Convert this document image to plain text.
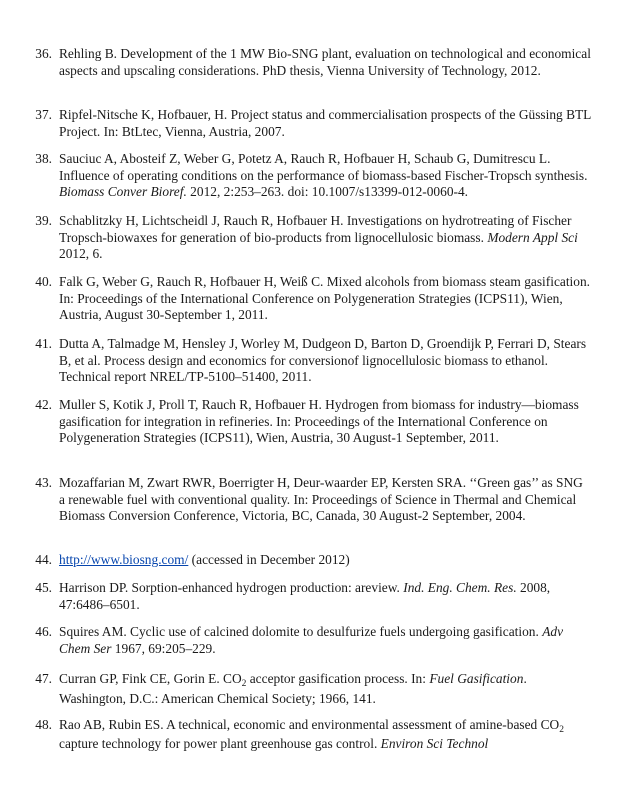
36. Rehling B. Development of the 1 MW Bio-SNG plant, evaluation on technological and economical aspects and upscaling considerations. PhD thesis, Vienna University of Technology, 2012.
37. Ripfel-Nitsche K, Hofbauer, H. Project status and commercialisation prospects of the Güssing BTL Project. In: BtLtec, Vienna, Austria, 2007.
38. Sauciuc A, Abosteif Z, Weber G, Potetz A, Rauch R, Hofbauer H, Schaub G, Dumitrescu L. Influence of operating conditions on the performance of biomass-based Fischer-Tropsch synthesis. Biomass Conver Bioref. 2012, 2:253–263. doi: 10.1007/s13399-012-0060-4.
39. Schablitzky H, Lichtscheidl J, Rauch R, Hofbauer H. Investigations on hydrotreating of Fischer Tropsch-biowaxes for generation of bio-products from lignocellulosic biomass. Modern Appl Sci 2012, 6.
40. Falk G, Weber G, Rauch R, Hofbauer H, Weiß C. Mixed alcohols from biomass steam gasification. In: Proceedings of the International Conference on Polygeneration Strategies (ICPS11), Wien, Austria, August 30-September 1, 2011.
41. Dutta A, Talmadge M, Hensley J, Worley M, Dudgeon D, Barton D, Groendijk P, Ferrari D, Stears B, et al. Process design and economics for conversionof lignocellulosic biomass to ethanol. Technical report NREL/TP-5100–51400, 2011.
42. Muller S, Kotik J, Proll T, Rauch R, Hofbauer H. Hydrogen from biomass for industry—biomass gasification for integration in refineries. In: Proceedings of the International Conference on Polygeneration Strategies (ICPS11), Wien, Austria, 30 August-1 September, 2011.
43. Mozaffarian M, Zwart RWR, Boerrigter H, Deur-waarder EP, Kersten SRA. ‘‘Green gas’’ as SNG a renewable fuel with conventional quality. In: Proceedings of Science in Thermal and Chemical Biomass Conversion Conference, Victoria, BC, Canada, 30 August-2 September, 2004.
44. http://www.biosng.com/ (accessed in December 2012)
45. Harrison DP. Sorption-enhanced hydrogen production: areview. Ind. Eng. Chem. Res. 2008, 47:6486–6501.
46. Squires AM. Cyclic use of calcined dolomite to desulfurize fuels undergoing gasification. Adv Chem Ser 1967, 69:205–229.
47. Curran GP, Fink CE, Gorin E. $CO_2$ acceptor gasification process. In: Fuel Gasification. Washington, D.C.: American Chemical Society; 1966, 141.
48. Rao AB, Rubin ES. A technical, economic and environmental assessment of amine-based $CO_2$ capture technology for power plant greenhouse gas control. Environ Sci Technol
